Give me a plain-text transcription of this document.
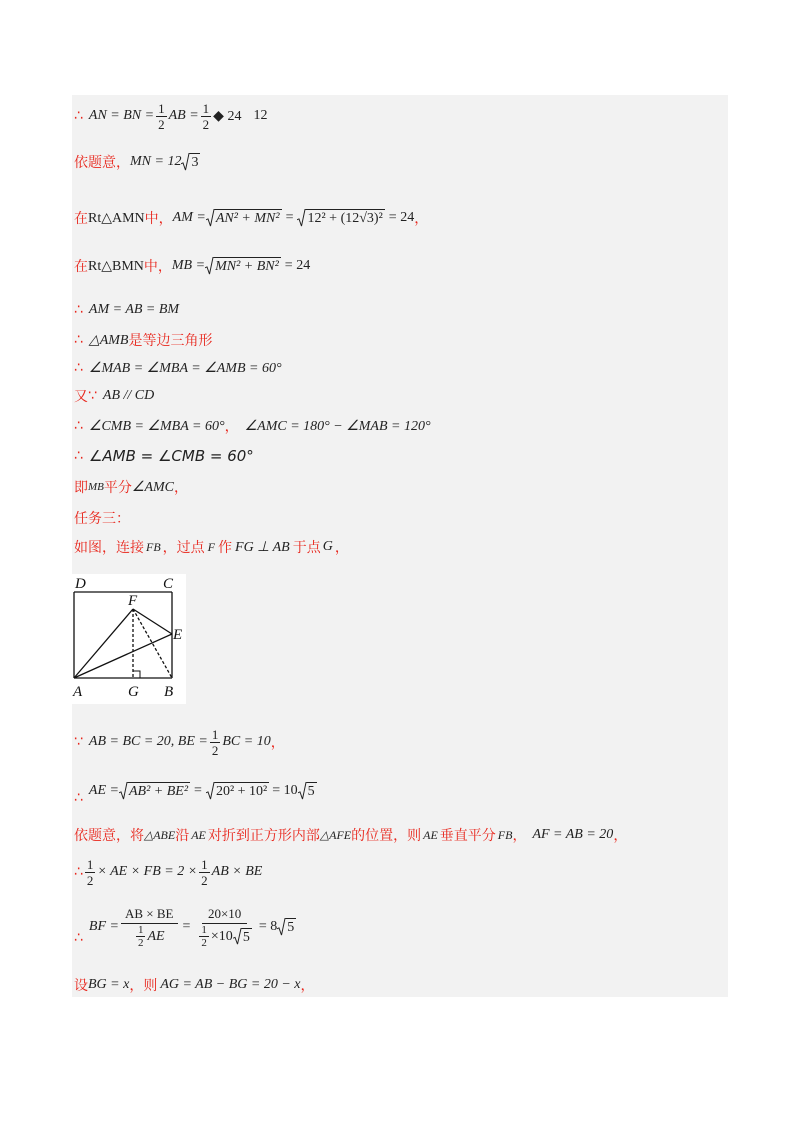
∴ AN = BN = $\frac{1}{2}$ AB = $\frac{1}{2}$ ◆ 24 12
依题意， MN = 12 3
在 Rt△AMN 中， AM = AN² + MN² = 12² + (12√3)² = 24 ，
在 Rt△BMN 中， MB = MN² + BN² = 24
∴ AM = AB = BM
∴ △AMB 是等边三角形
∴ ∠MAB = ∠MBA = ∠AMB = 60°
又 ∵ AB // CD
∴ ∠CMB = ∠MBA = 60° ， ∠AMC = 180° − ∠MAB = 120°
∴ ∠AMB = ∠CMB = 60°
即 MB 平分 ∠AMC ，
任务三：
如图，连接 FB ，过点 F 作 FG ⊥ AB 于点 G ，
D	C
F
E
A	G B
∵ AB = BC = 20, BE = $\frac{1}{2}$ BC = 10 ，
∴ AE = AB² + BE² = 20² + 10² = 10 5
依题意，将 △ABE 沿 AE 对折到正方形内部 △AFE 的位置，则 AE 垂直平分 FB ， AF = AB = 20 ，
∴ $\frac{1}{2}$ × AE × FB = $2 \times \frac{1}{2}$ AB × BE
∴
BF = $\frac{AB \times BE}{\frac{1}{2} AE} = \frac{20\times 10}{\frac{1}{2} \times 10 5} = 8$ 5
设 BG = x ，则 AG = AB − BG = 20 − x ，
